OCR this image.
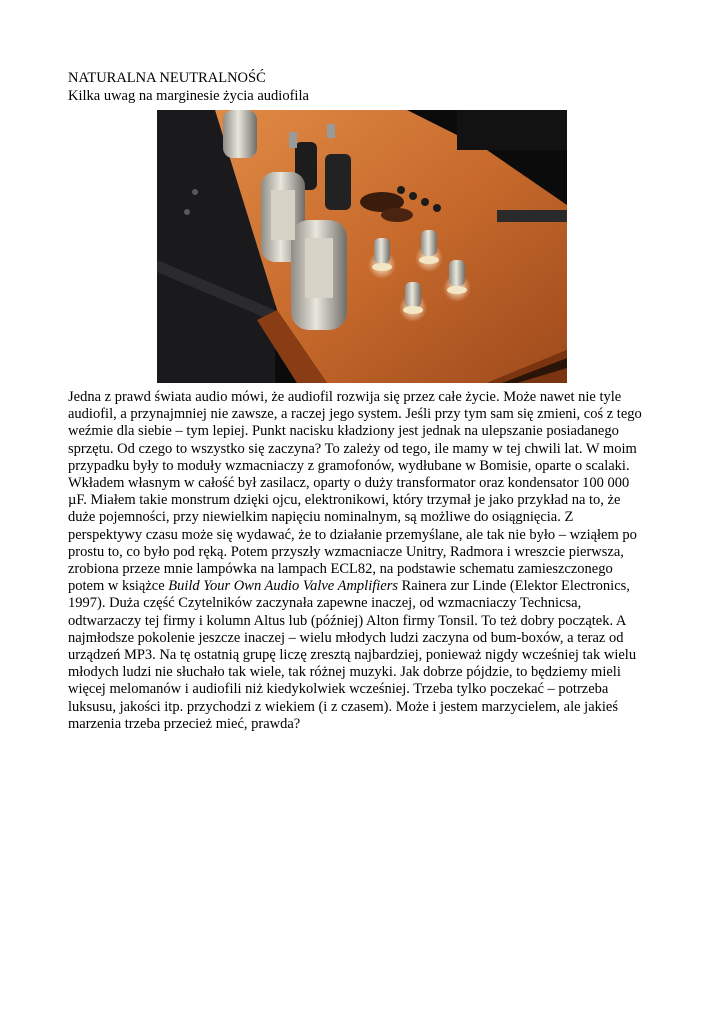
NATURALNA NEUTRALNOŚĆ
Kilka uwag na marginesie życia audiofila
Jedna z prawd świata audio mówi, że audiofil rozwija się przez całe życie. Może nawet nie tyle
audiofil, a przynajmniej nie zawsze, a raczej jego system. Jeśli przy tym sam się zmieni, coś z tego
weźmie dla siebie – tym lepiej. Punkt nacisku kładziony jest jednak na ulepszanie posiadanego
sprzętu. Od czego to wszystko się zaczyna? To zależy od tego, ile mamy w tej chwili lat. W moim
przypadku były to moduły wzmacniaczy z gramofonów, wydłubane w Bomisie, oparte o scalaki.
Wkładem własnym w całość był zasilacz, oparty o duży transformator oraz kondensator 100 000
µF. Miałem takie monstrum dzięki ojcu, elektronikowi, który trzymał je jako przykład na to, że
duże pojemności, przy niewielkim napięciu nominalnym, są możliwe do osiągnięcia. Z
perspektywy czasu może się wydawać, że to działanie przemyślane, ale tak nie było – wziąłem po
prostu to, co było pod ręką. Potem przyszły wzmacniacze Unitry, Radmora i wreszcie pierwsza,
zrobiona przeze mnie lampówka na lampach ECL82, na podstawie schematu zamieszczonego
potem w książce Build Your Own Audio Valve Amplifiers Rainera zur Linde (Elektor Electronics,
1997). Duża część Czytelników zaczynała zapewne inaczej, od wzmacniaczy Technicsa,
odtwarzaczy tej firmy i kolumn Altus lub (później) Alton firmy Tonsil. To też dobry początek. A
najmłodsze pokolenie jeszcze inaczej – wielu młodych ludzi zaczyna od bum-boxów, a teraz od
urządzeń MP3. Na tę ostatnią grupę liczę zresztą najbardziej, ponieważ nigdy wcześniej tak wielu
młodych ludzi nie słuchało tak wiele, tak różnej muzyki. Jak dobrze pójdzie, to będziemy mieli
więcej melomanów i audiofili niż kiedykolwiek wcześniej. Trzeba tylko poczekać – potrzeba
luksusu, jakości itp. przychodzi z wiekiem (i z czasem). Może i jestem marzycielem, ale jakieś
marzenia trzeba przecież mieć, prawda?
